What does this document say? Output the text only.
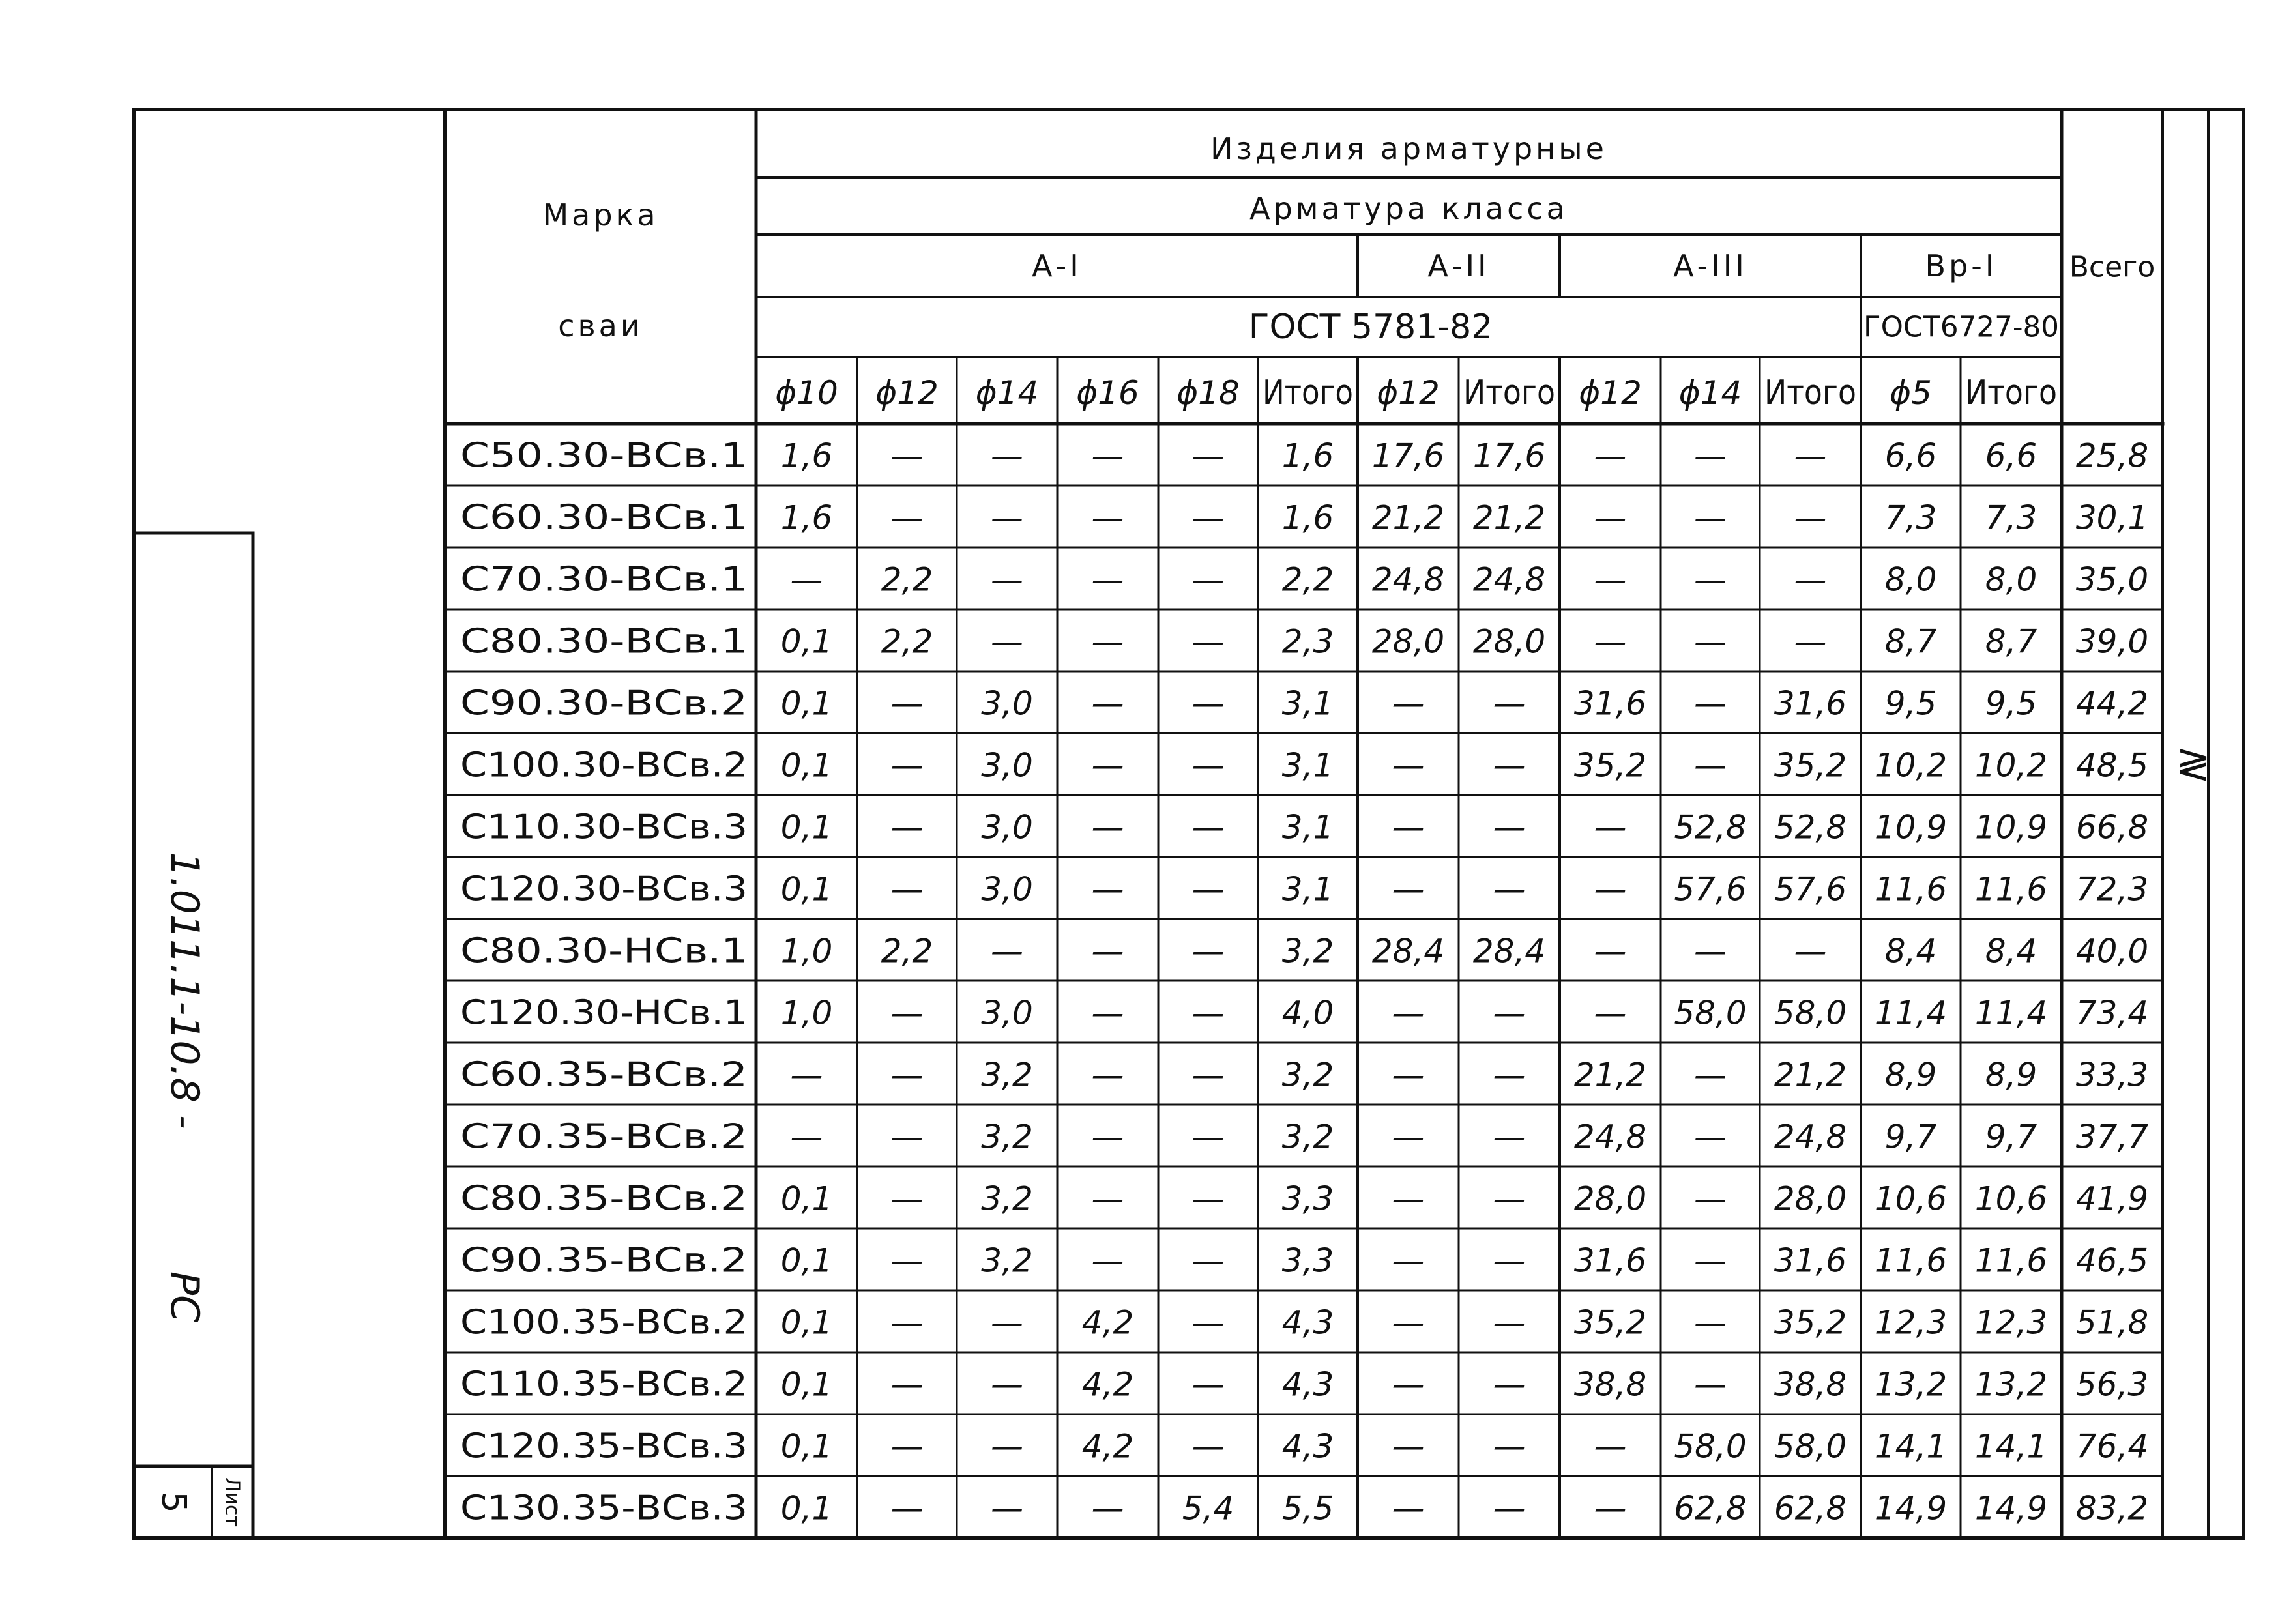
Марка
сваи
Изделия арматурные
Арматура класса
Всего
А-I	А-II	А-III	Вр-I
ГОСТ 5781-82	ГОСТ6727-80
ϕ10 ϕ12 ϕ14 ϕ16 ϕ18 Итого ϕ12 Итого ϕ12 ϕ14 Итого ϕ5 Итого
С50.30-ВСв.1 1,6 — — — — 1,6 17,6 17,6 — — — 6,6 6,6 25,8
С60.30-ВСв.1 1,6 — — — — 1,6 21,2 21,2 — — — 7,3 7,3 30,1
С70.30-ВСв.1 — 2,2 — — — 2,2 24,8 24,8 — — — 8,0 8,0 35,0
С80.30-ВСв.1 0,1 2,2 — — — 2,3 28,0 28,0 — — — 8,7 8,7 39,0
С90.30-ВСв.2 0,1 — 3,0 — — 3,1 — — 31,6 — 31,6 9,5 9,5 44,2
С100.30-ВСв.2 0,1 — 3,0 — — 3,1 — — 35,2 — 35,2 10,2 10,2 48,5
С110.30-ВСв.3 0,1 — 3,0 — — 3,1 — — — 52,8 52,8 10,9 10,9 66,8
С120.30-ВСв.3 0,1 — 3,0 — — 3,1 — — — 57,6 57,6 11,6 11,6 72,3
С80.30-НСв.1 1,0 2,2 — — — 3,2 28,4 28,4 — — — 8,4 8,4 40,0
С120.30-НСв.1 1,0 — 3,0 — — 4,0 — — — 58,0 58,0 11,4 11,4 73,4
С60.35-ВСв.2 — — 3,2 — — 3,2 — — 21,2 — 21,2 8,9 8,9 33,3
С70.35-ВСв.2 — — 3,2 — — 3,2 — — 24,8 — 24,8 9,7 9,7 37,7
С80.35-ВСв.2 0,1 — 3,2 — — 3,3 — — 28,0 — 28,0 10,6 10,6 41,9
С90.35-ВСв.2 0,1 — 3,2 — — 3,3 — — 31,6 — 31,6 11,6 11,6 46,5
С100.35-ВСв.2 0,1 — — 4,2 — 4,3 — — 35,2 — 35,2 12,3 12,3 51,8
С110.35-ВСв.2 0,1 — — 4,2 — 4,3 — — 38,8 — 38,8 13,2 13,2 56,3
С120.35-ВСв.3 0,1 — — 4,2 — 4,3 — — — 58,0 58,0 14,1 14,1 76,4
С130.35-ВСв.3 0,1 — — — 5,4 5,5 — — — 62,8 62,8 14,9 14,9 83,2
1.011.1-10.8 -
РС
Лист
5
≷
